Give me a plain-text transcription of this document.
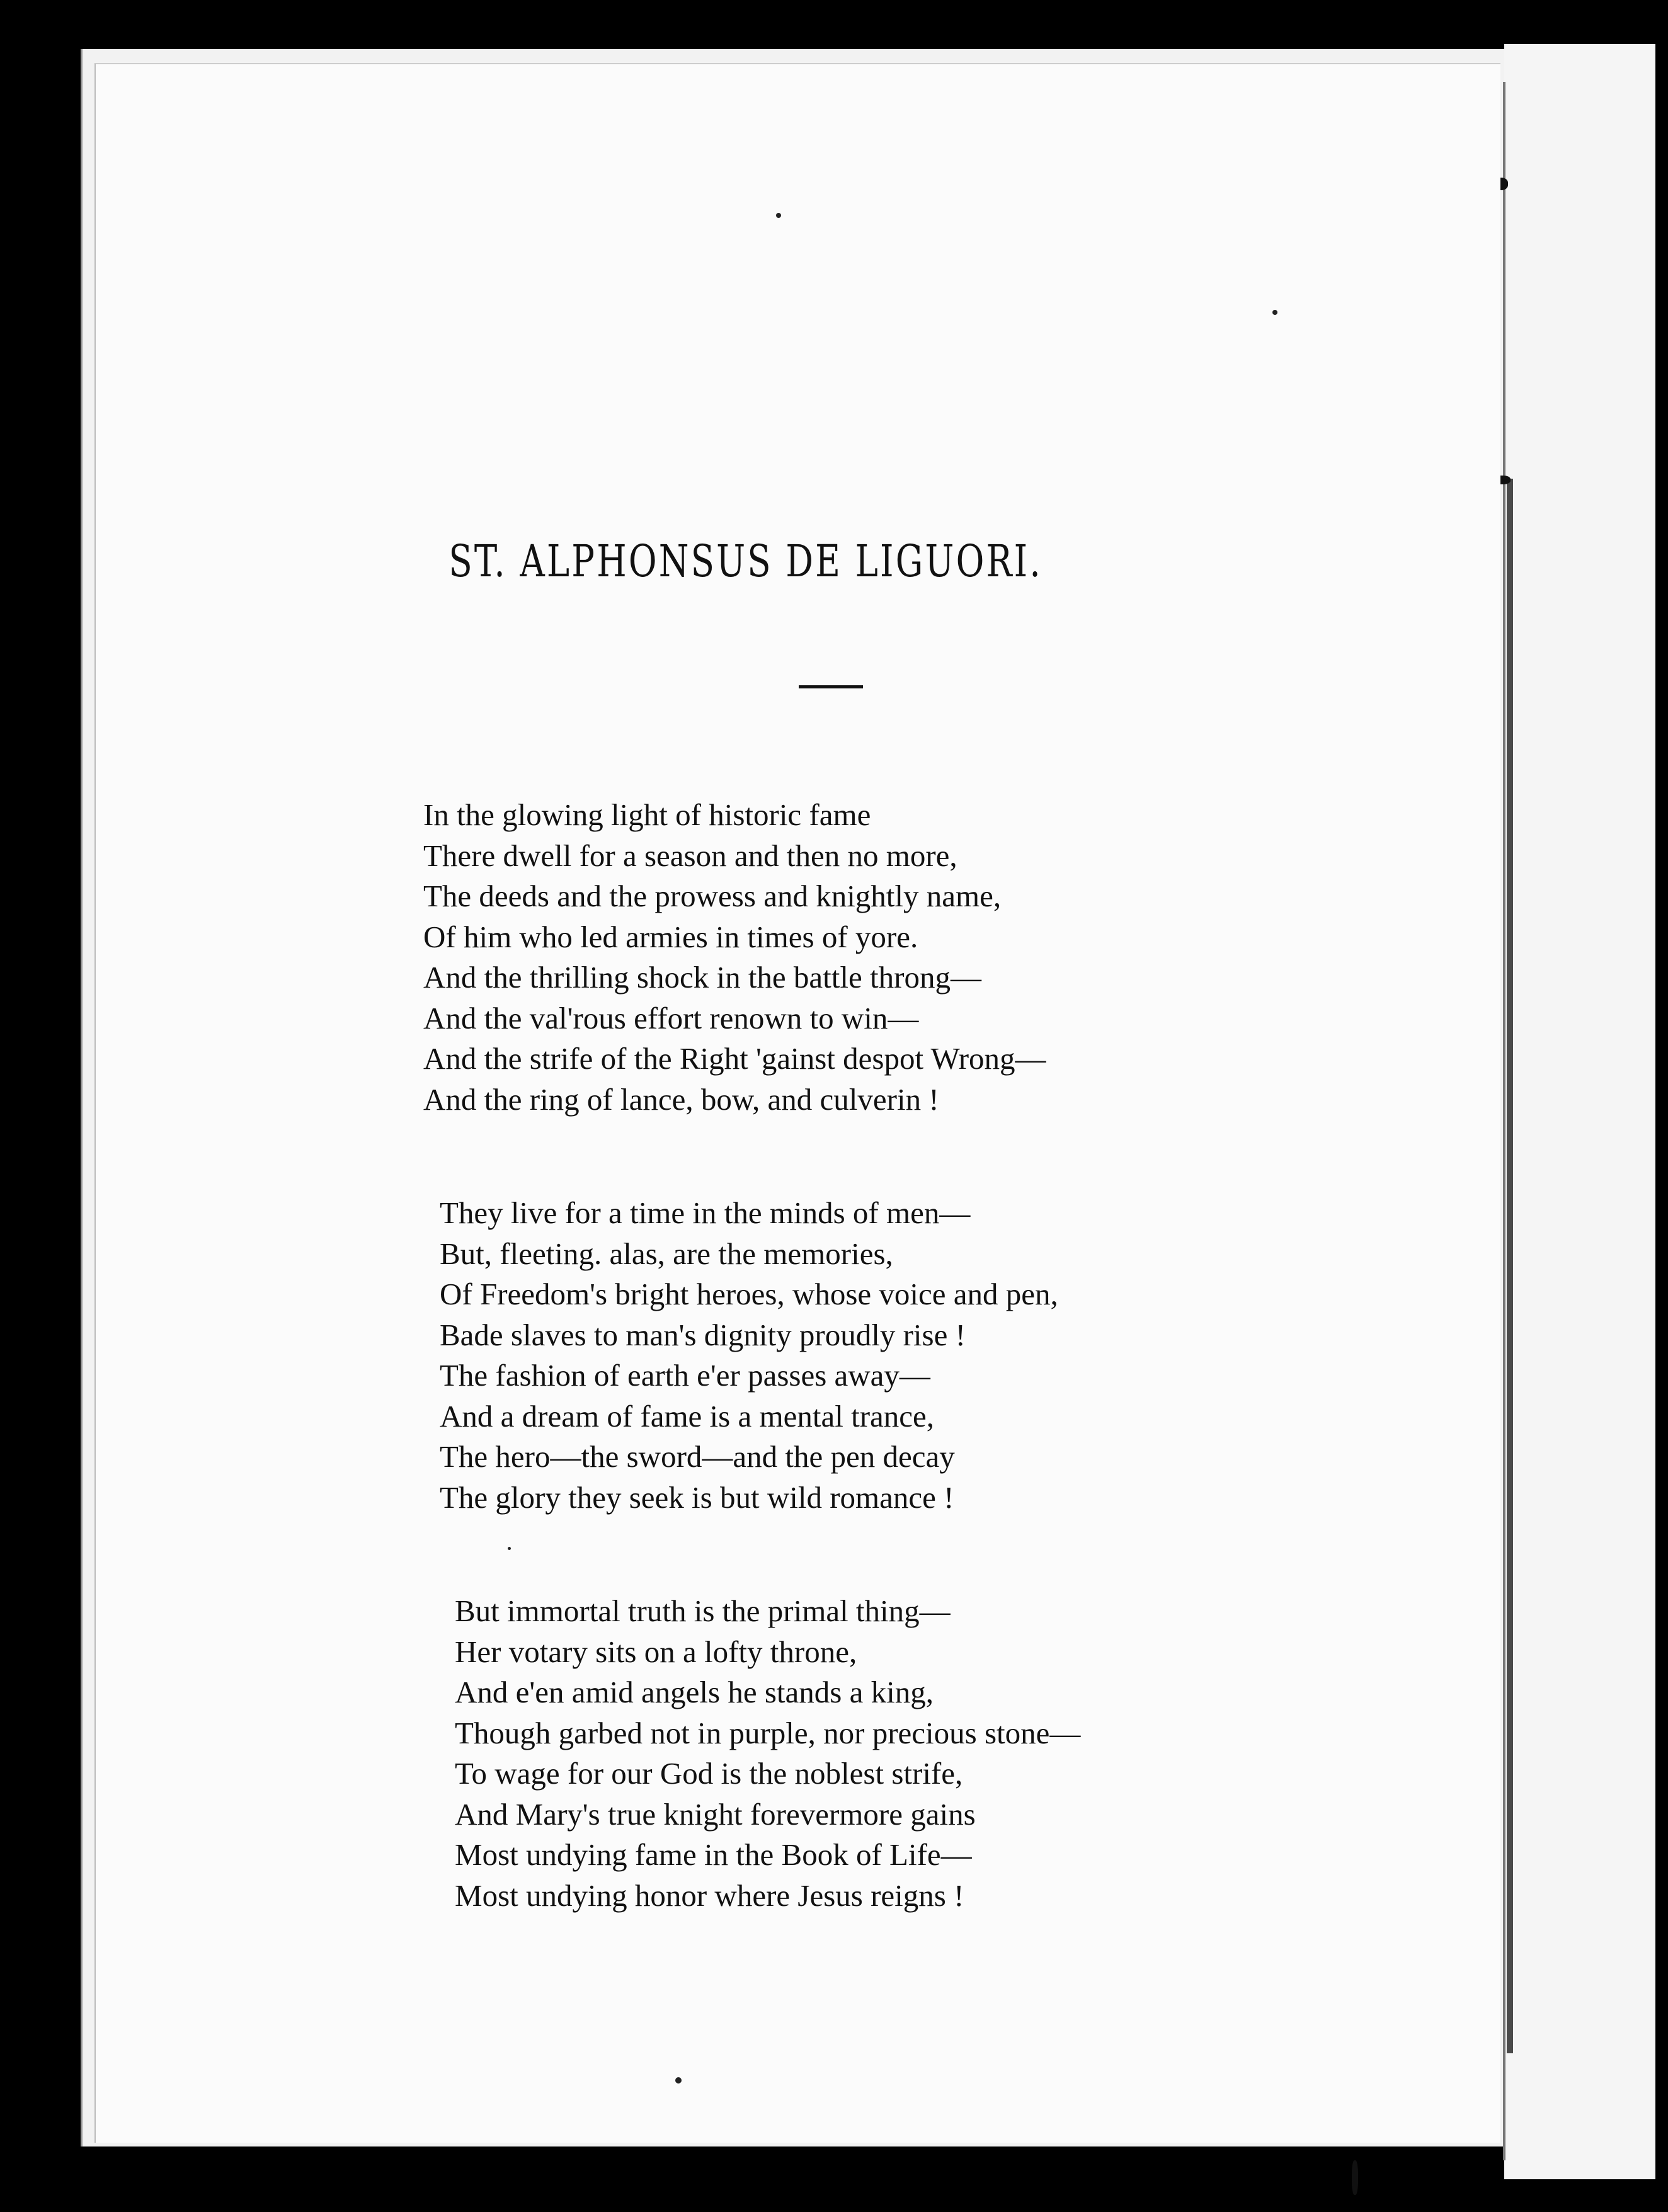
ST. ALPHONSUS DE LIGUORI.
In the glowing light of historic fame
There dwell for a season and then no more,
The deeds and the prowess and knightly name,
Of him who led armies in times of yore.
And the thrilling shock in the battle throng—
And the val'rous effort renown to win—
And the strife of the Right 'gainst despot Wrong—
And the ring of lance, bow, and culverin !
They live for a time in the minds of men—
But, fleeting. alas, are the memories,
Of Freedom's bright heroes, whose voice and pen,
Bade slaves to man's dignity proudly rise !
The fashion of earth e'er passes away—
And a dream of fame is a mental trance,
The hero—the sword—and the pen decay
The glory they seek is but wild romance !
But immortal truth is the primal thing—
Her votary sits on a lofty throne,
And e'en amid angels he stands a king,
Though garbed not in purple, nor precious stone—
To wage for our God is the noblest strife,
And Mary's true knight forevermore gains
Most undying fame in the Book of Life—
Most undying honor where Jesus reigns !
